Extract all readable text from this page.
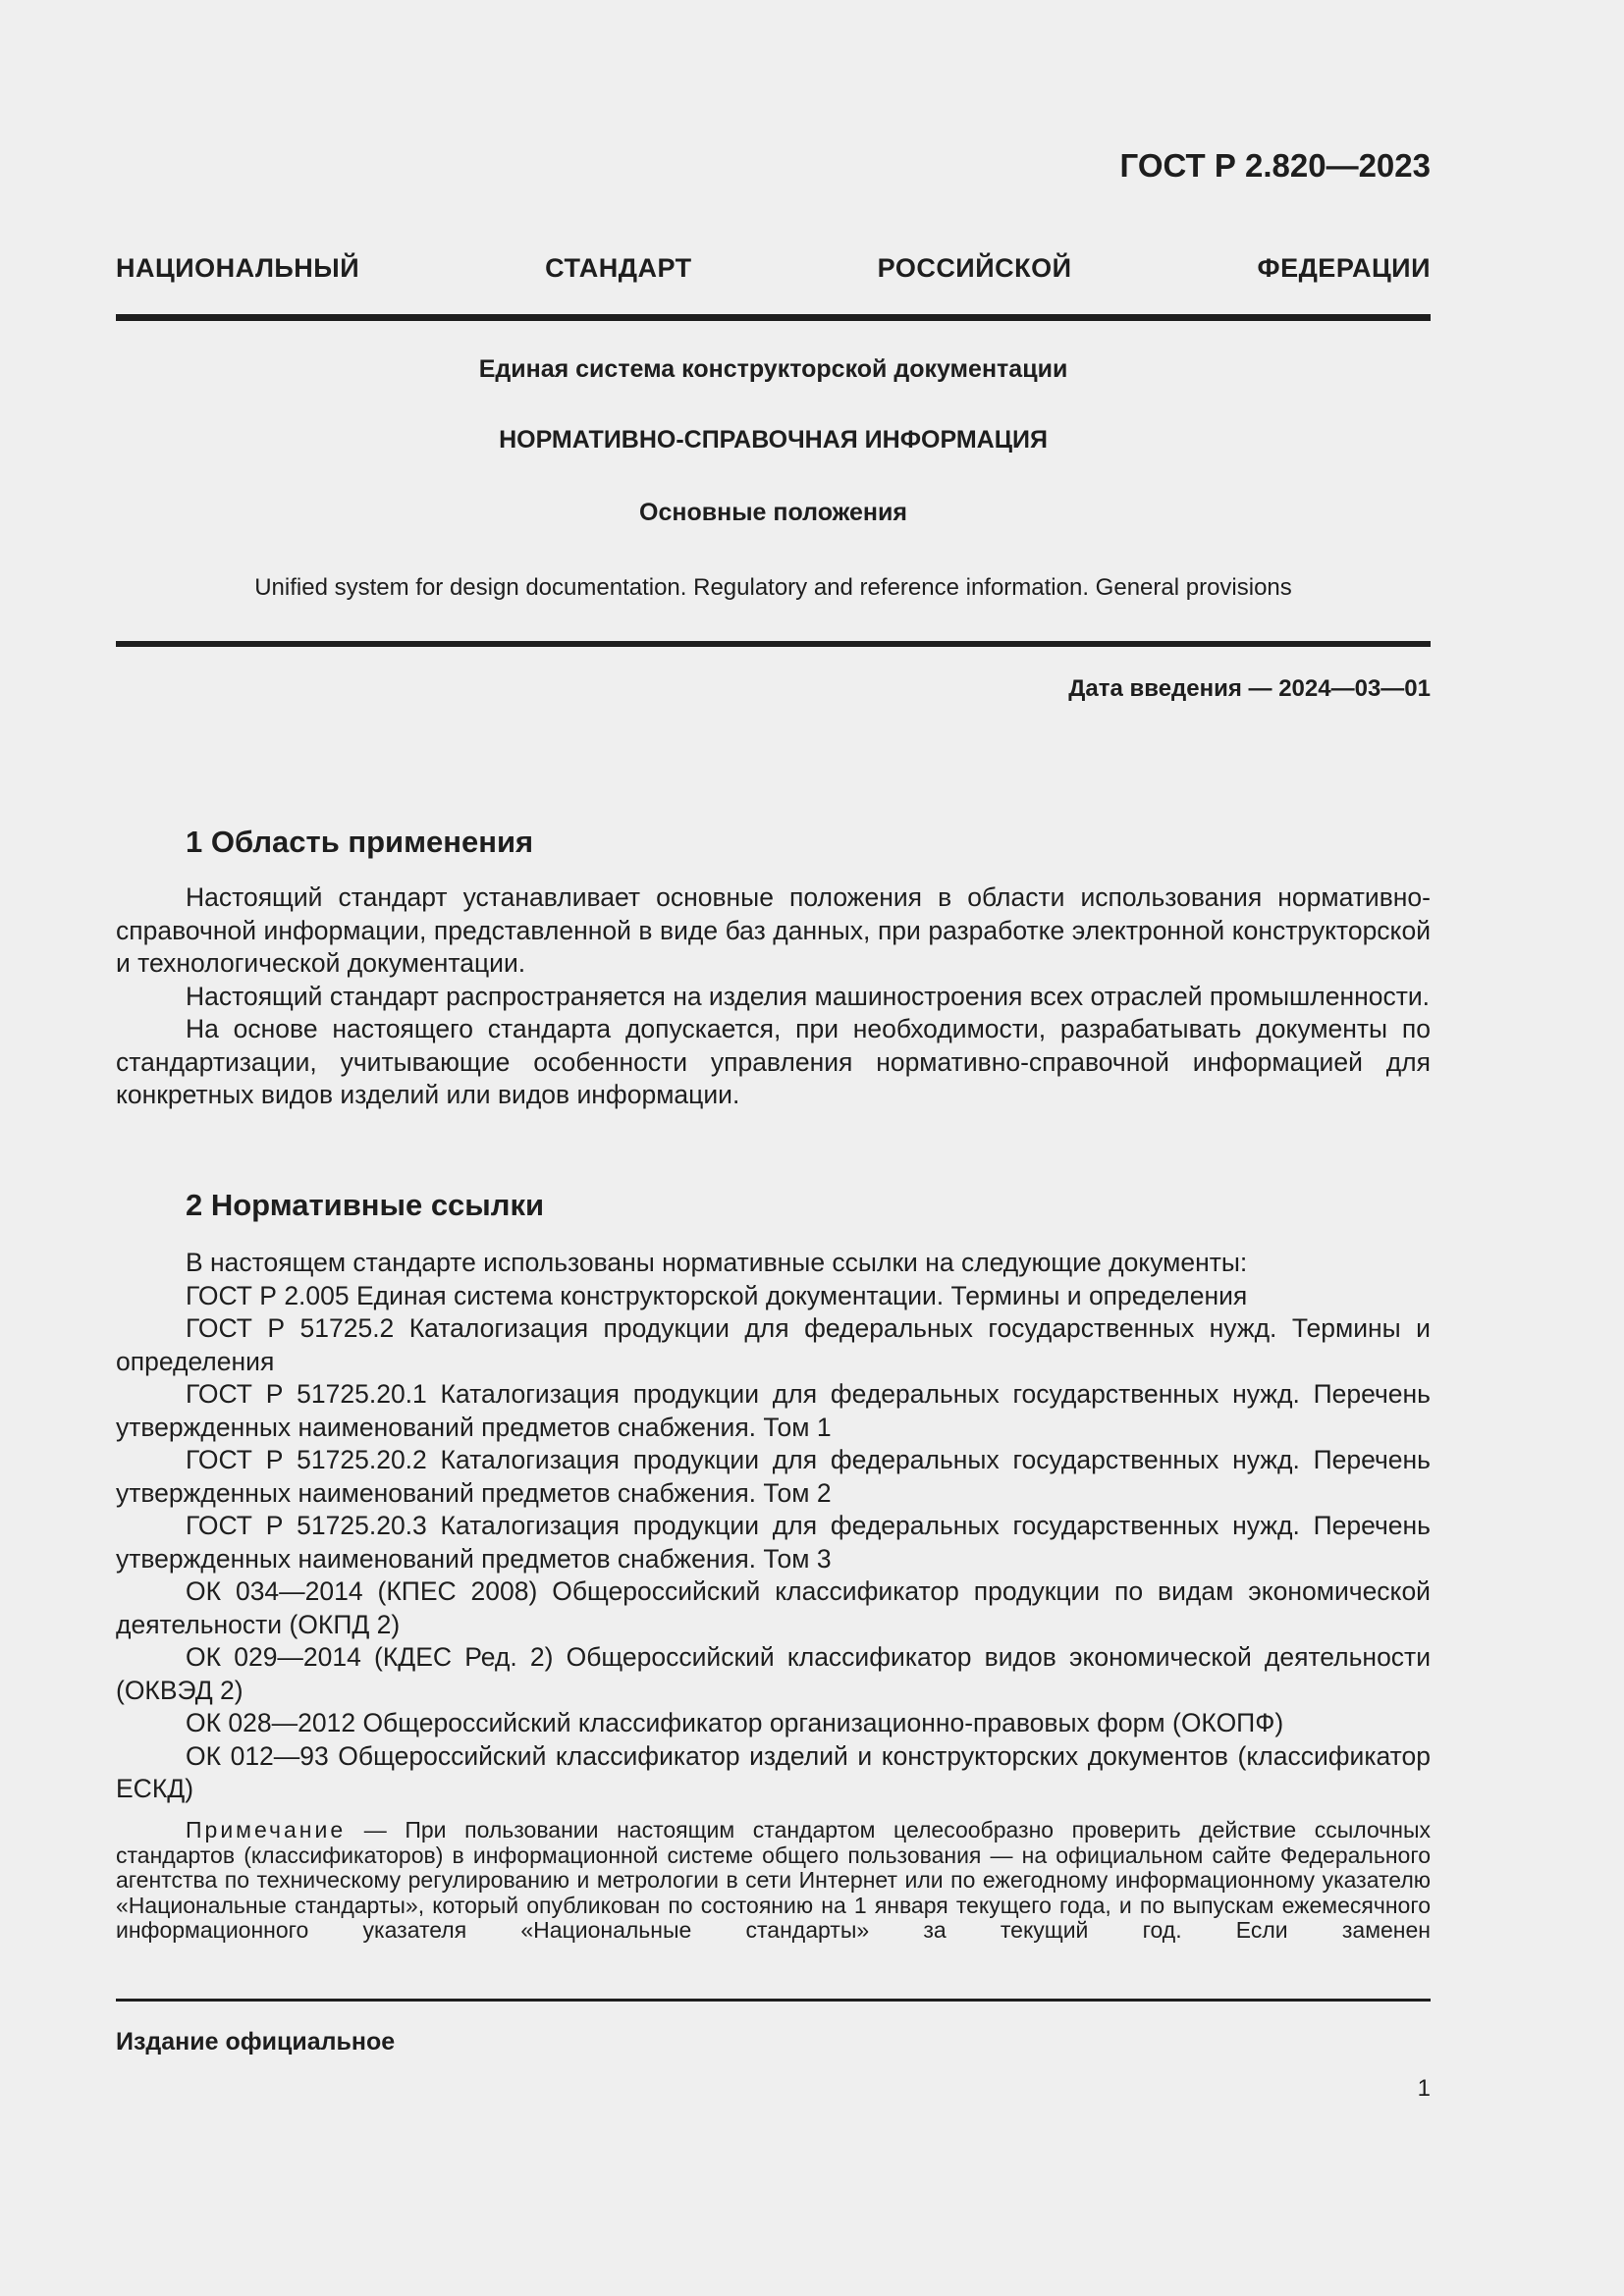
ГОСТ Р 2.820—2023
НАЦИОНАЛЬНЫЙ СТАНДАРТ РОССИЙСКОЙ ФЕДЕРАЦИИ
Единая система конструкторской документации
НОРМАТИВНО-СПРАВОЧНАЯ ИНФОРМАЦИЯ
Основные положения
Unified system for design documentation. Regulatory and reference information. General provisions
Дата введения — 2024—03—01
1 Область применения

Настоящий стандарт устанавливает основные положения в области использования нормативно-справочной информации, представленной в виде баз данных, при разработке электронной конструкторской и технологической документации.

Настоящий стандарт распространяется на изделия машиностроения всех отраслей промышленности.

На основе настоящего стандарта допускается, при необходимости, разрабатывать документы по стандартизации, учитывающие особенности управления нормативно-справочной информацией для конкретных видов изделий или видов информации.

2 Нормативные ссылки

В настоящем стандарте использованы нормативные ссылки на следующие документы:

ГОСТ Р 2.005 Единая система конструкторской документации. Термины и определения

ГОСТ Р 51725.2 Каталогизация продукции для федеральных государственных нужд. Термины и определения

ГОСТ Р 51725.20.1 Каталогизация продукции для федеральных государственных нужд. Перечень утвержденных наименований предметов снабжения. Том 1

ГОСТ Р 51725.20.2 Каталогизация продукции для федеральных государственных нужд. Перечень утвержденных наименований предметов снабжения. Том 2

ГОСТ Р 51725.20.3 Каталогизация продукции для федеральных государственных нужд. Перечень утвержденных наименований предметов снабжения. Том 3

ОК 034—2014 (КПЕС 2008) Общероссийский классификатор продукции по видам экономической деятельности (ОКПД 2)

ОК 029—2014 (КДЕС Ред. 2) Общероссийский классификатор видов экономической деятельности (ОКВЭД 2)

ОК 028—2012 Общероссийский классификатор организационно-правовых форм (ОКОПФ)

ОК 012—93 Общероссийский классификатор изделий и конструкторских документов (классификатор ЕСКД)

Примечание — При пользовании настоящим стандартом целесообразно проверить действие ссылочных стандартов (классификаторов) в информационной системе общего пользования — на официальном сайте Федерального агентства по техническому регулированию и метрологии в сети Интернет или по ежегодному информационному указателю «Национальные стандарты», который опубликован по состоянию на 1 января текущего года, и по выпускам ежемесячного информационного указателя «Национальные стандарты» за текущий год. Если заменен

Издание официальное
1
